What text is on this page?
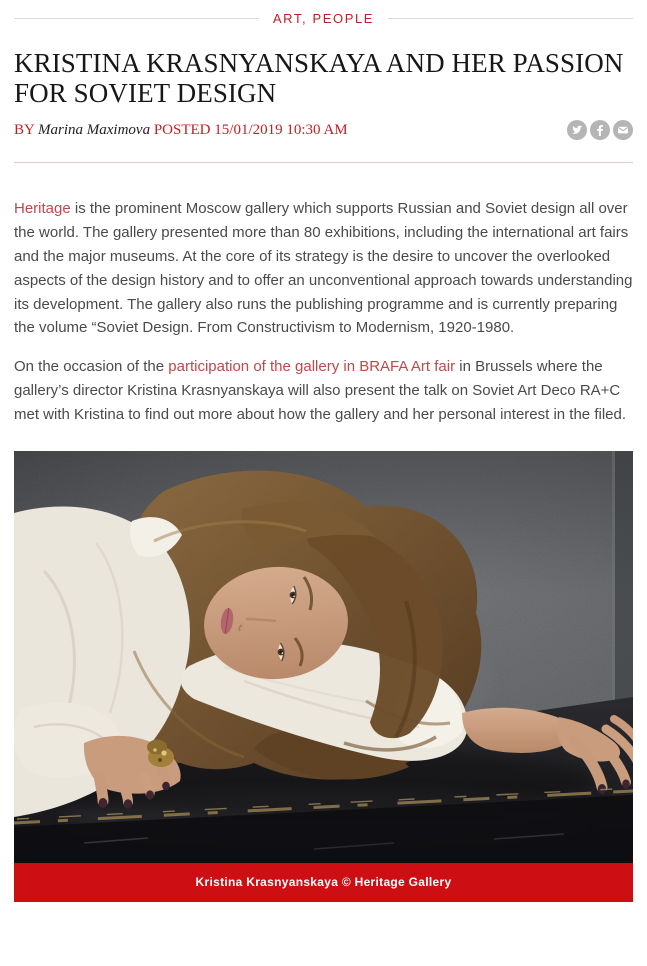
ART, PEOPLE
KRISTINA KRASNYANSKAYA AND HER PASSION FOR SOVIET DESIGN
BY Marina Maximova POSTED 15/01/2019 10:30 AM

Heritage is the prominent Moscow gallery which supports Russian and Soviet design all over the world. The gallery presented more than 80 exhibitions, including the international art fairs and the major museums. At the core of its strategy is the desire to uncover the overlooked aspects of the design history and to offer an unconventional approach towards understanding its development. The gallery also runs the publishing programme and is currently preparing the volume “Soviet Design. From Constructivism to Modernism, 1920-1980.

On the occasion of the participation of the gallery in BRAFA Art fair in Brussels where the gallery’s director Kristina Krasnyanskaya will also present the talk on Soviet Art Deco RA+C met with Kristina to find out more about how the gallery and her personal interest in the filed.

Kristina Krasnyanskaya © Heritage Gallery
